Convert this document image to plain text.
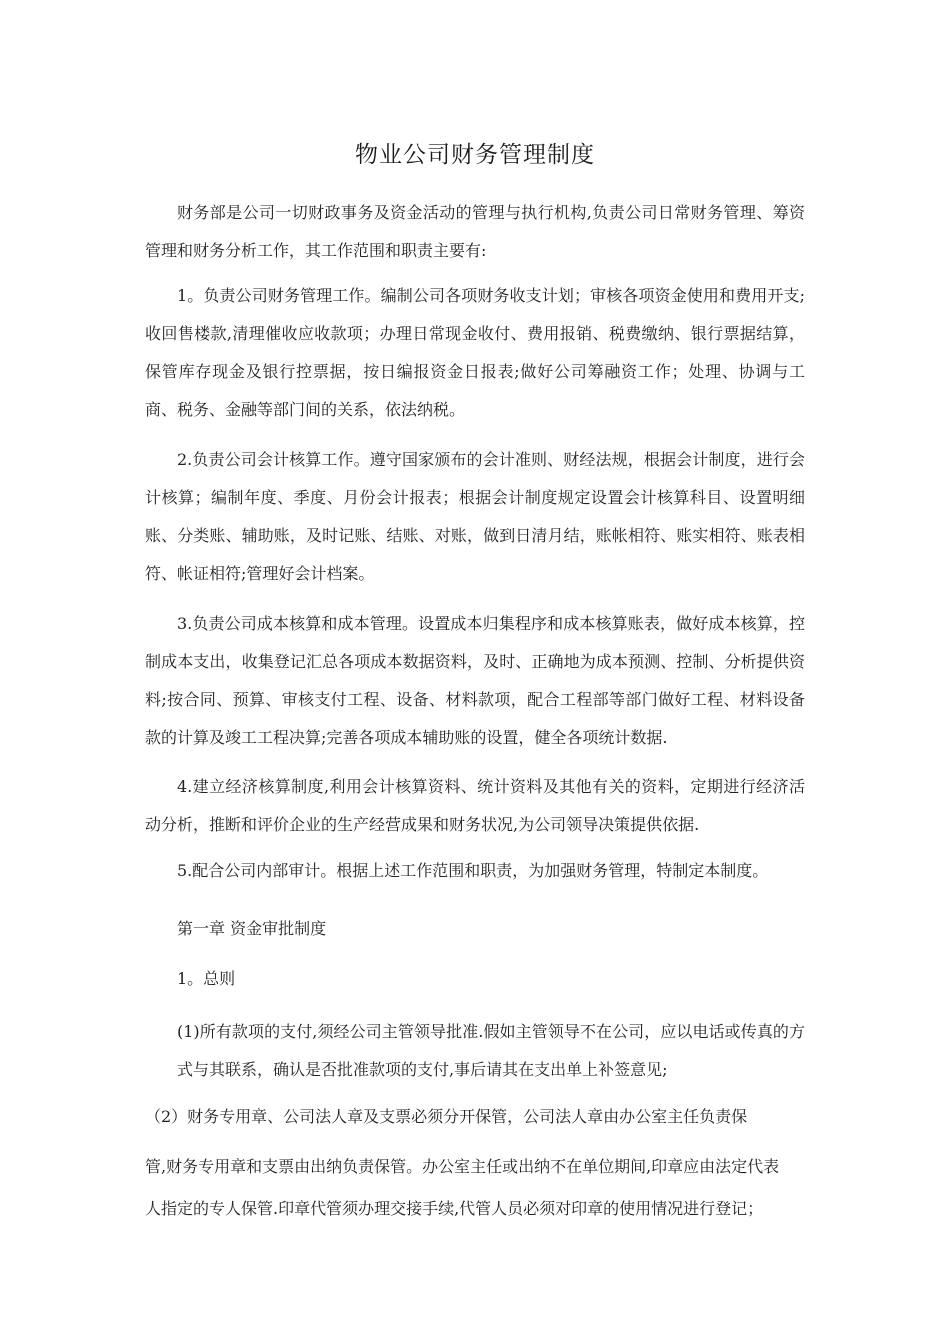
物业公司财务管理制度
财务部是公司一切财政事务及资金活动的管理与执行机构,负责公司日常财务管理、筹资管理和财务分析工作，其工作范围和职责主要有:
1。负责公司财务管理工作。编制公司各项财务收支计划；审核各项资金使用和费用开支;收回售楼款,清理催收应收款项；办理日常现金收付、费用报销、税费缴纳、银行票据结算，保管库存现金及银行控票据，按日编报资金日报表;做好公司筹融资工作；处理、协调与工商、税务、金融等部门间的关系，依法纳税。
2.负责公司会计核算工作。遵守国家颁布的会计准则、财经法规，根据会计制度，进行会计核算；编制年度、季度、月份会计报表；根据会计制度规定设置会计核算科目、设置明细账、分类账、辅助账，及时记账、结账、对账，做到日清月结，账帐相符、账实相符、账表相符、帐证相符;管理好会计档案。
3.负责公司成本核算和成本管理。设置成本归集程序和成本核算账表，做好成本核算，控制成本支出，收集登记汇总各项成本数据资料，及时、正确地为成本预测、控制、分析提供资料;按合同、预算、审核支付工程、设备、材料款项，配合工程部等部门做好工程、材料设备款的计算及竣工工程决算;完善各项成本辅助账的设置，健全各项统计数据.
4.建立经济核算制度,利用会计核算资料、统计资料及其他有关的资料，定期进行经济活动分析，推断和评价企业的生产经营成果和财务状况,为公司领导决策提供依据.
5.配合公司内部审计。根据上述工作范围和职责，为加强财务管理，特制定本制度。
第一章 资金审批制度
1。总则
(1)所有款项的支付,须经公司主管领导批准.假如主管领导不在公司，应以电话或传真的方式与其联系，确认是否批准款项的支付,事后请其在支出单上补签意见;
（2）财务专用章、公司法人章及支票必须分开保管，公司法人章由办公室主任负责保
管,财务专用章和支票由出纳负责保管。办公室主任或出纳不在单位期间,印章应由法定代表
人指定的专人保管.印章代管须办理交接手续,代管人员必须对印章的使用情况进行登记；
